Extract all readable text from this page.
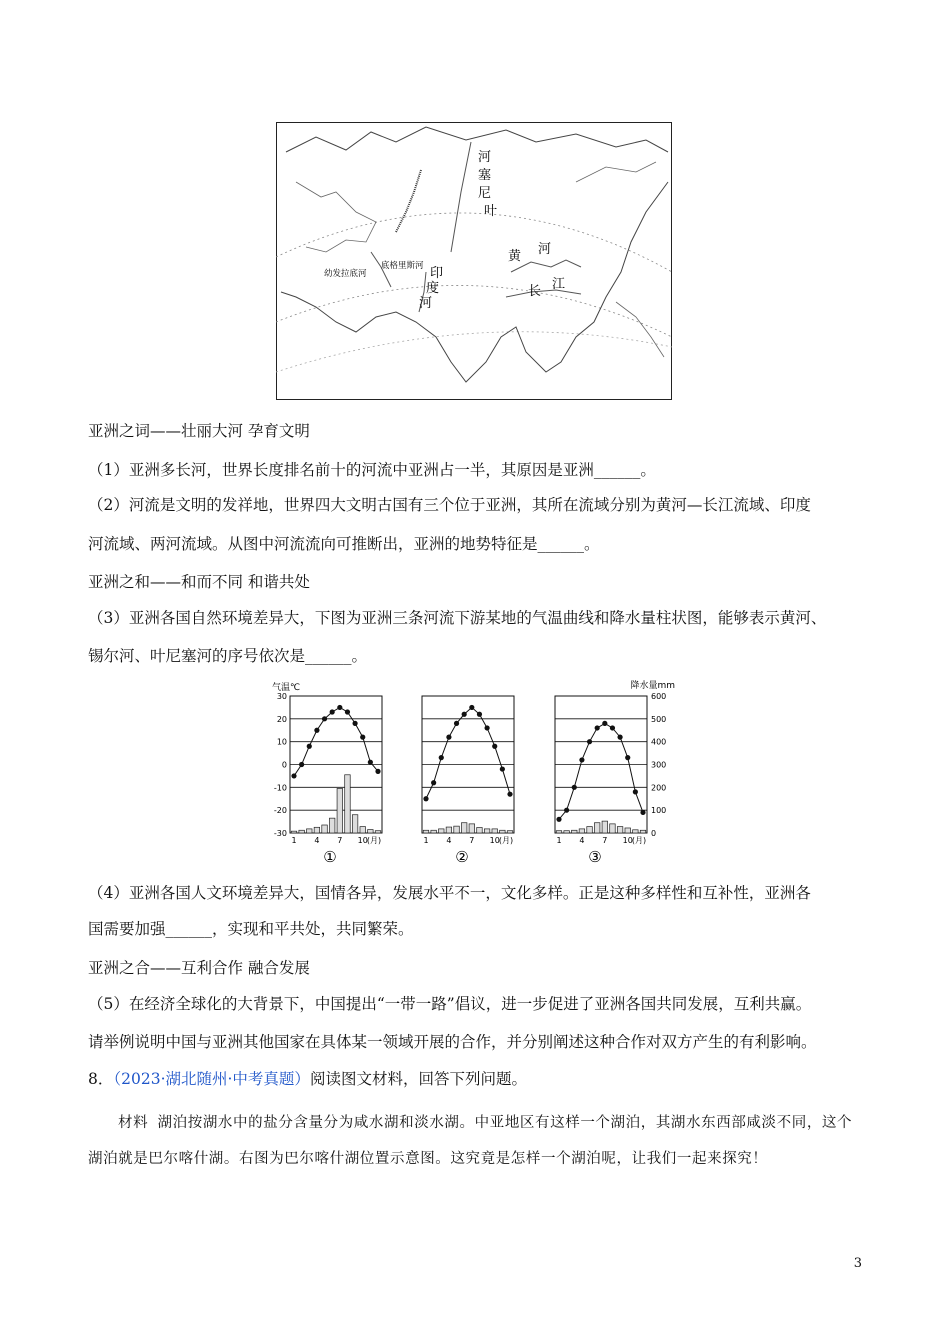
河
塞
尼
叶
黄 河
长 江
印
度
河
底格里斯河
幼发拉底河
亚洲之词——壮丽大河 孕育文明
（1）亚洲多长河，世界长度排名前十的河流中亚洲占一半，其原因是亚洲______。
（2）河流是文明的发祥地，世界四大文明古国有三个位于亚洲，其所在流域分别为黄河—长江流域、印度
河流域、两河流域。从图中河流流向可推断出，亚洲的地势特征是______。
亚洲之和——和而不同 和谐共处
（3）亚洲各国自然环境差异大，下图为亚洲三条河流下游某地的气温曲线和降水量柱状图，能够表示黄河、
锡尔河、叶尼塞河的序号依次是______。
气温℃
30
20
10
0
-10
-20
-30
降水量mm
600
500
400
300
200
100
0
1 4 7 10 (月)
①
1 4 7 10 (月)
②
1 4 7 10 (月)
③
（4）亚洲各国人文环境差异大，国情各异，发展水平不一，文化多样。正是这种多样性和互补性，亚洲各
国需要加强______，实现和平共处，共同繁荣。
亚洲之合——互利合作 融合发展
（5）在经济全球化的大背景下，中国提出“一带一路”倡议，进一步促进了亚洲各国共同发展，互利共赢。
请举例说明中国与亚洲其他国家在具体某一领域开展的合作，并分别阐述这种合作对双方产生的有利影响。
8．（2023·湖北随州·中考真题）阅读图文材料，回答下列问题。
材料 湖泊按湖水中的盐分含量分为咸水湖和淡水湖。中亚地区有这样一个湖泊，其湖水东西部咸淡不同，这个湖泊就是巴尔喀什湖。右图为巴尔喀什湖位置示意图。这究竟是怎样一个湖泊呢，让我们一起来探究！
3
